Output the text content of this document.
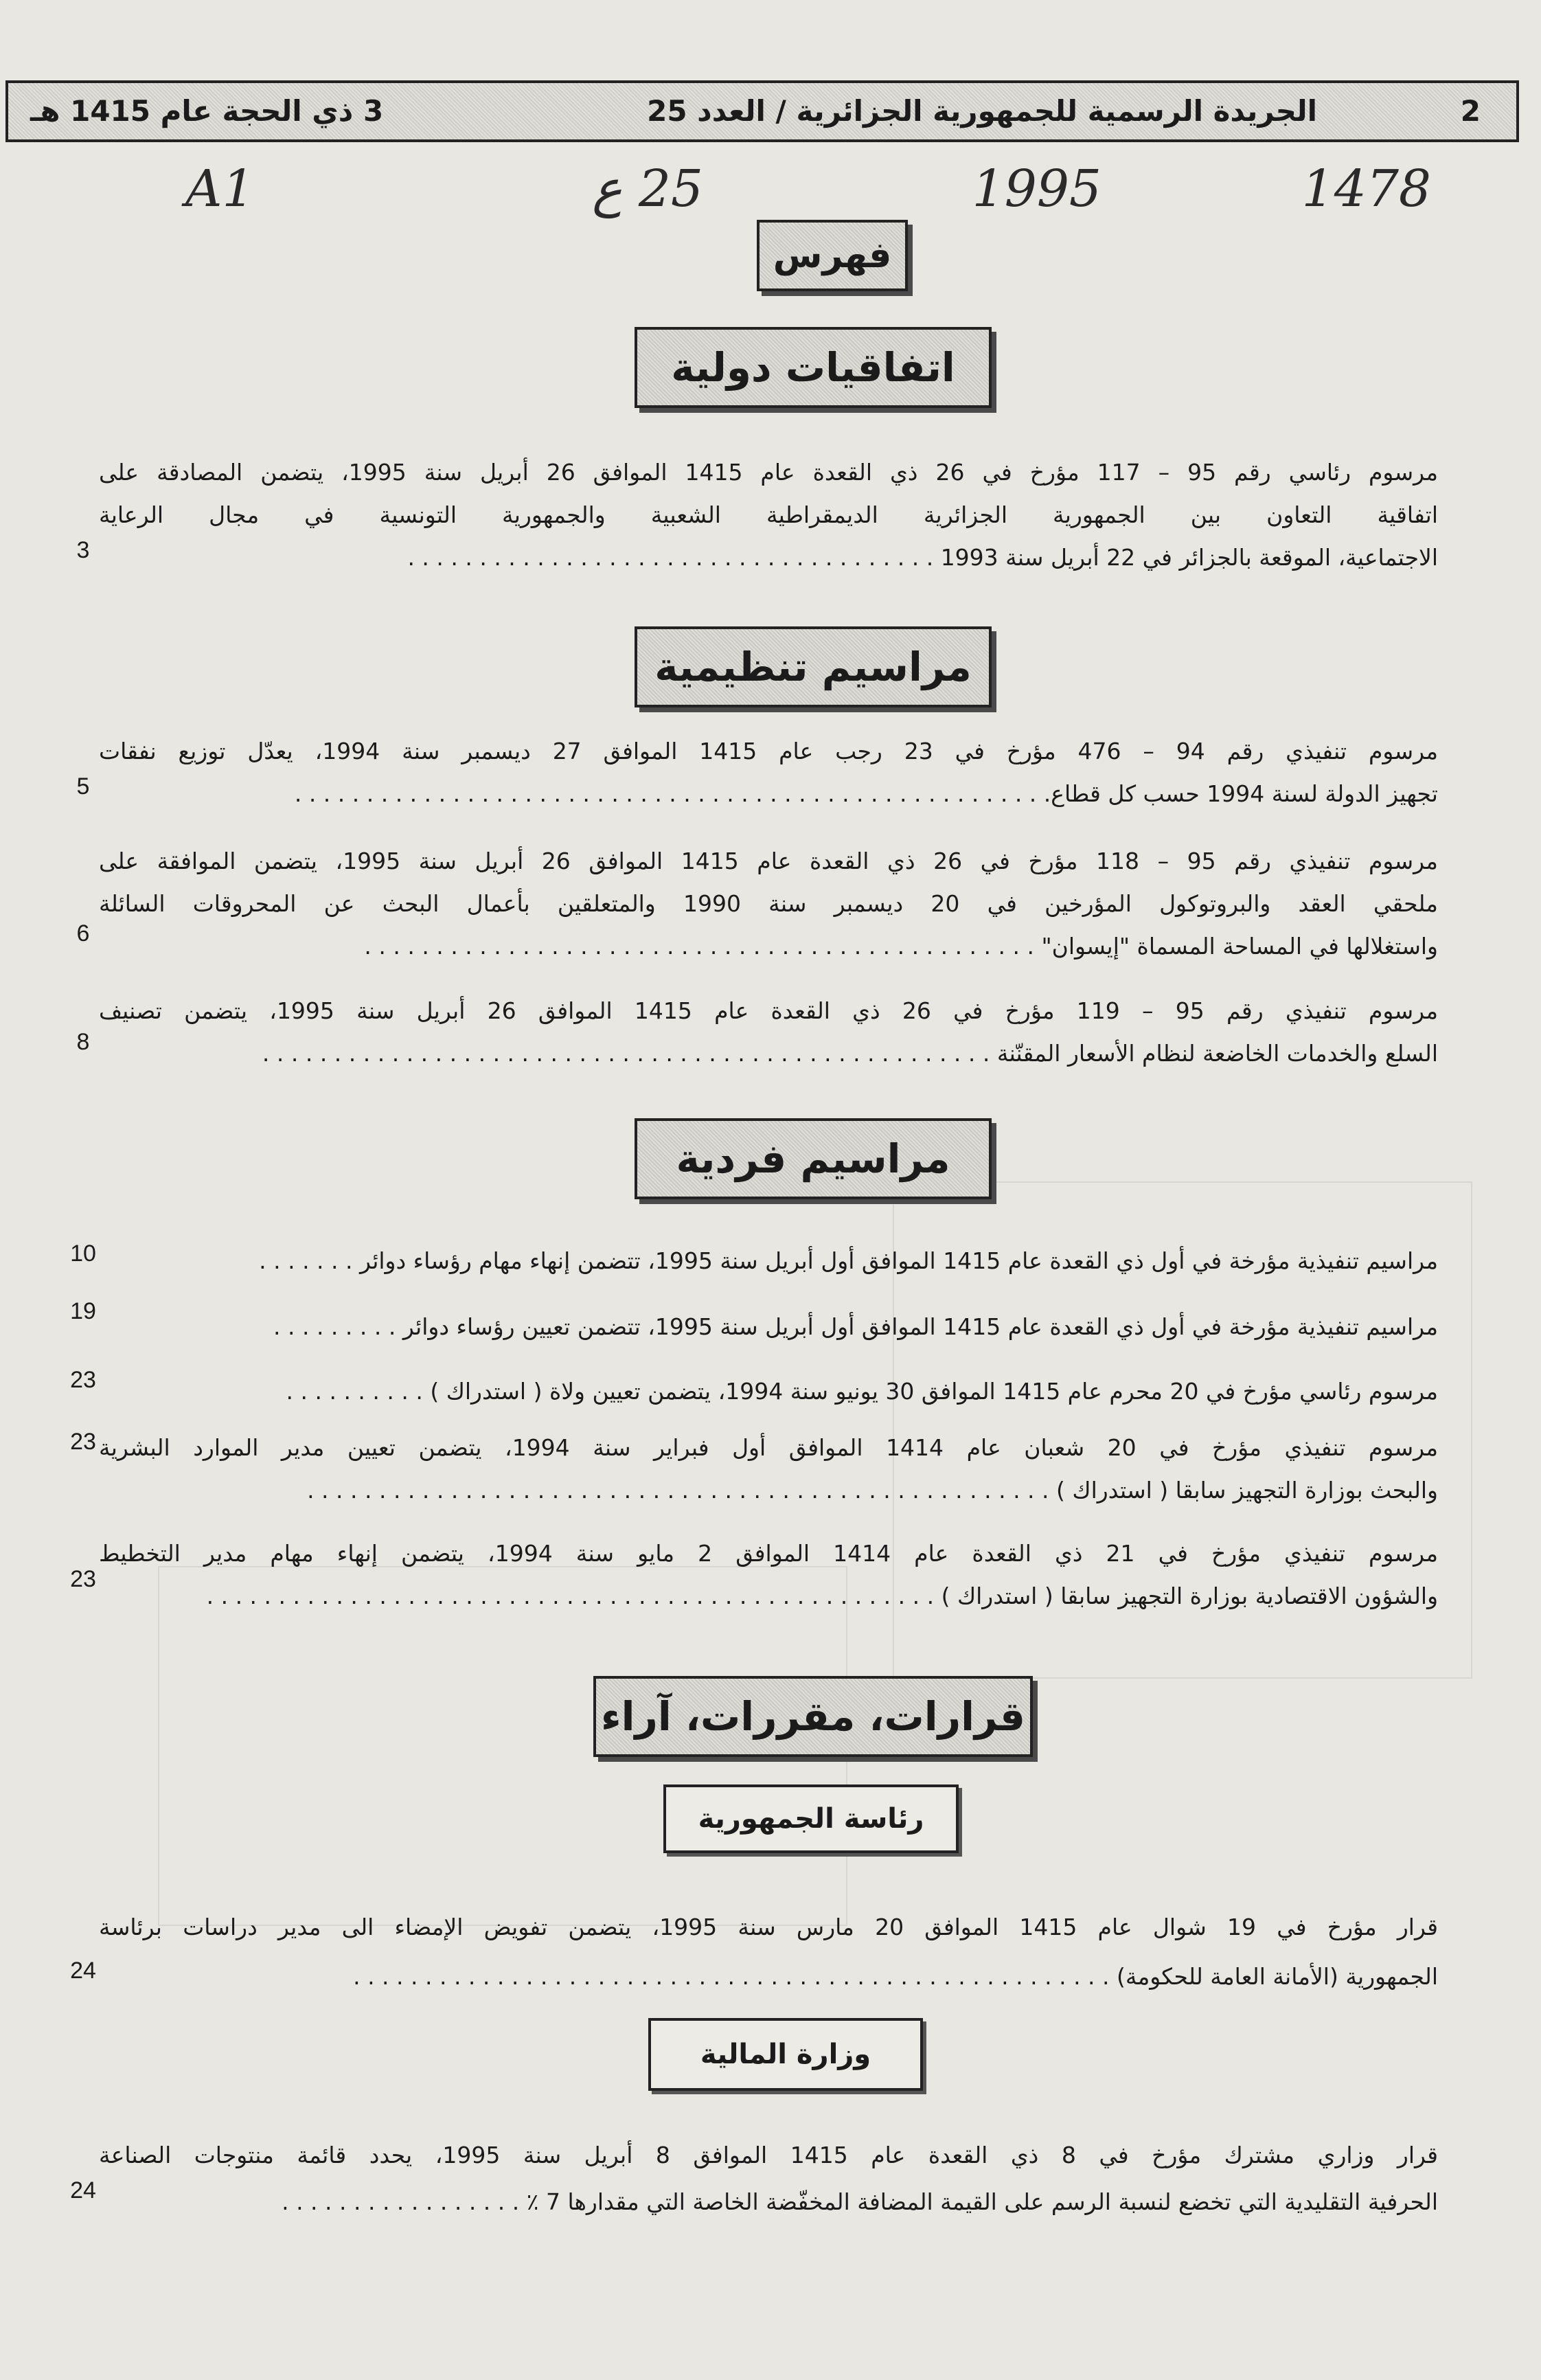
2
الجريدة الرسمية للجمهورية الجزائرية / العدد 25
3 ذي الحجة عام 1415 هـ
1478
1995
25 ع
A1
فهرس
اتفاقيات دولية
مرسوم رئاسي رقم 95 – 117 مؤرخ في 26 ذي القعدة عام 1415 الموافق 26 أبريل سنة 1995، يتضمن المصادقة على
اتفاقية التعاون بين الجمهورية الجزائرية الديمقراطية الشعبية والجمهورية التونسية في مجال الرعاية
الاجتماعية، الموقعة بالجزائر في 22 أبريل سنة 1993 . . . . . . . . . . . . . . . . . . . . . . . . . . . . . . . . . . . . .
3
مراسيم تنظيمية
مرسوم تنفيذي رقم 94 – 476 مؤرخ في 23 رجب عام 1415 الموافق 27 ديسمبر سنة 1994، يعدّل توزيع نفقات
تجهيز الدولة لسنة 1994 حسب كل قطاع. . . . . . . . . . . . . . . . . . . . . . . . . . . . . . . . . . . . . . . . . . . . . . . . . . . . .
5
مرسوم تنفيذي رقم 95 – 118 مؤرخ في 26 ذي القعدة عام 1415 الموافق 26 أبريل سنة 1995، يتضمن الموافقة على
ملحقي العقد والبروتوكول المؤرخين في 20 ديسمبر سنة 1990 والمتعلقين بأعمال البحث عن المحروقات السائلة
واستغلالها في المساحة المسماة "إيسوان" . . . . . . . . . . . . . . . . . . . . . . . . . . . . . . . . . . . . . . . . . . . . . . .
6
مرسوم تنفيذي رقم 95 – 119 مؤرخ في 26 ذي القعدة عام 1415 الموافق 26 أبريل سنة 1995، يتضمن تصنيف
السلع والخدمات الخاضعة لنظام الأسعار المقنّنة . . . . . . . . . . . . . . . . . . . . . . . . . . . . . . . . . . . . . . . . . . . . . . . . . . .
8
مراسيم فردية
مراسيم تنفيذية مؤرخة في أول ذي القعدة عام 1415 الموافق أول أبريل سنة 1995، تتضمن إنهاء مهام رؤساء دوائر . . . . . . .
10
مراسيم تنفيذية مؤرخة في أول ذي القعدة عام 1415 الموافق أول أبريل سنة 1995، تتضمن تعيين رؤساء دوائر . . . . . . . . .
19
مرسوم رئاسي مؤرخ في 20 محرم عام 1415 الموافق 30 يونيو سنة 1994، يتضمن تعيين ولاة ( استدراك ) . . . . . . . . . .
23
مرسوم تنفيذي مؤرخ في 20 شعبان عام 1414 الموافق أول فبراير سنة 1994، يتضمن تعيين مدير الموارد البشرية
والبحث بوزارة التجهيز سابقا ( استدراك ) . . . . . . . . . . . . . . . . . . . . . . . . . . . . . . . . . . . . . . . . . . . . . . . . . . . .
23
مرسوم تنفيذي مؤرخ في 21 ذي القعدة عام 1414 الموافق 2 مايو سنة 1994، يتضمن إنهاء مهام مدير التخطيط
والشؤون الاقتصادية بوزارة التجهيز سابقا ( استدراك ) . . . . . . . . . . . . . . . . . . . . . . . . . . . . . . . . . . . . . . . . . . . . . . . . . . .
23
قرارات، مقررات، آراء
رئاسة الجمهورية
قرار مؤرخ في 19 شوال عام 1415 الموافق 20 مارس سنة 1995، يتضمن تفويض الإمضاء الى مدير دراسات برئاسة
الجمهورية (الأمانة العامة للحكومة) . . . . . . . . . . . . . . . . . . . . . . . . . . . . . . . . . . . . . . . . . . . . . . . . . . . . .
24
وزارة المالية
قرار وزاري مشترك مؤرخ في 8 ذي القعدة عام 1415 الموافق 8 أبريل سنة 1995، يحدد قائمة منتوجات الصناعة
الحرفية التقليدية التي تخضع لنسبة الرسم على القيمة المضافة المخفّضة الخاصة التي مقدارها 7 ٪ . . . . . . . . . . . . . . . . .
24
